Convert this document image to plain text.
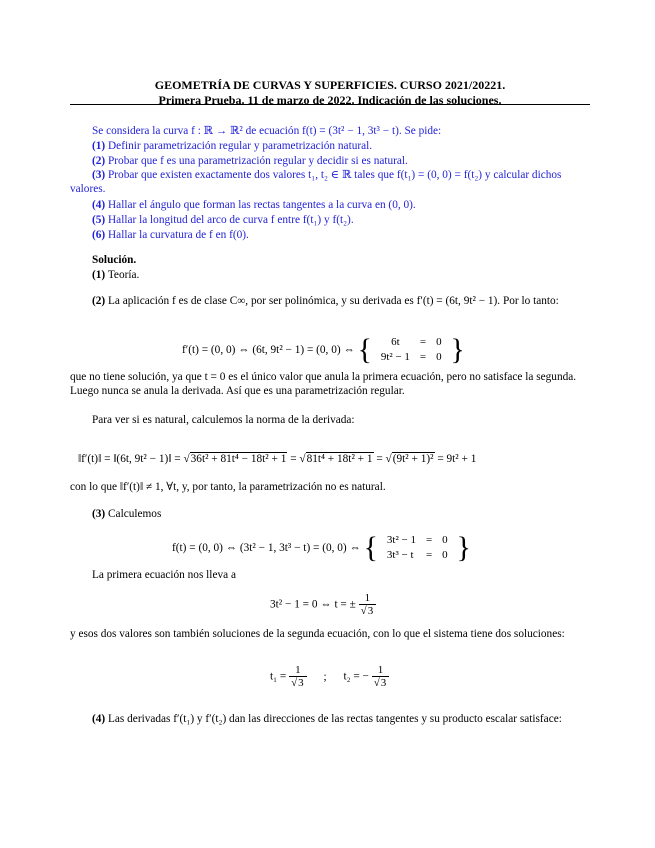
GEOMETRÍA DE CURVAS Y SUPERFICIES. CURSO 2021/20221.
Primera Prueba. 11 de marzo de 2022. Indicación de las soluciones.
Se considera la curva f : ℝ → ℝ² de ecuación f(t) = (3t² − 1, 3t³ − t). Se pide:
(1) Definir parametrización regular y parametrización natural.
(2) Probar que f es una parametrización regular y decidir si es natural.
(3) Probar que existen exactamente dos valores t₁, t₂ ∈ ℝ tales que f(t₁) = (0, 0) = f(t₂) y calcular dichos valores.
(4) Hallar el ángulo que forman las rectas tangentes a la curva en (0, 0).
(5) Hallar la longitud del arco de curva f entre f(t₁) y f(t₂).
(6) Hallar la curvatura de f en f(0).
Solución.
(1) Teoría.
(2) La aplicación f es de clase C∞, por ser polinómica, y su derivada es f′(t) = (6t, 9t² − 1). Por lo tanto:
f′(t) = (0, 0) ⇔ (6t, 9t² − 1) = (0, 0) ⇔ { 6t	=	0
9t² − 1	=	0 }
que no tiene solución, ya que t = 0 es el único valor que anula la primera ecuación, pero no satisface la segunda. Luego nunca se anula la derivada. Así que es una parametrización regular.
Para ver si es natural, calculemos la norma de la derivada:
‖f′(t)‖ = ‖(6t, 9t² − 1)‖ = √36t² + 81t⁴ − 18t² + 1 = √81t⁴ + 18t² + 1 = √(9t² + 1)² = 9t² + 1
con lo que ‖f′(t)‖ ≠ 1, ∀t, y, por tanto, la parametrización no es natural.
(3) Calculemos
f(t) = (0, 0) ⇔ (3t² − 1, 3t³ − t) = (0, 0) ⇔ { 3t² − 1	=	0
3t³ − t	=	0 }
La primera ecuación nos lleva a
3t² − 1 = 0 ⇔ t = ± $\frac{1}{√3}$
y esos dos valores son también soluciones de la segunda ecuación, con lo que el sistema tiene dos soluciones:
$t_1 = \frac{1}{√3}$ ; t₂ = − $\frac{1}{√3}$
(4) Las derivadas f′(t₁) y f′(t₂) dan las direcciones de las rectas tangentes y su producto escalar satisface:
